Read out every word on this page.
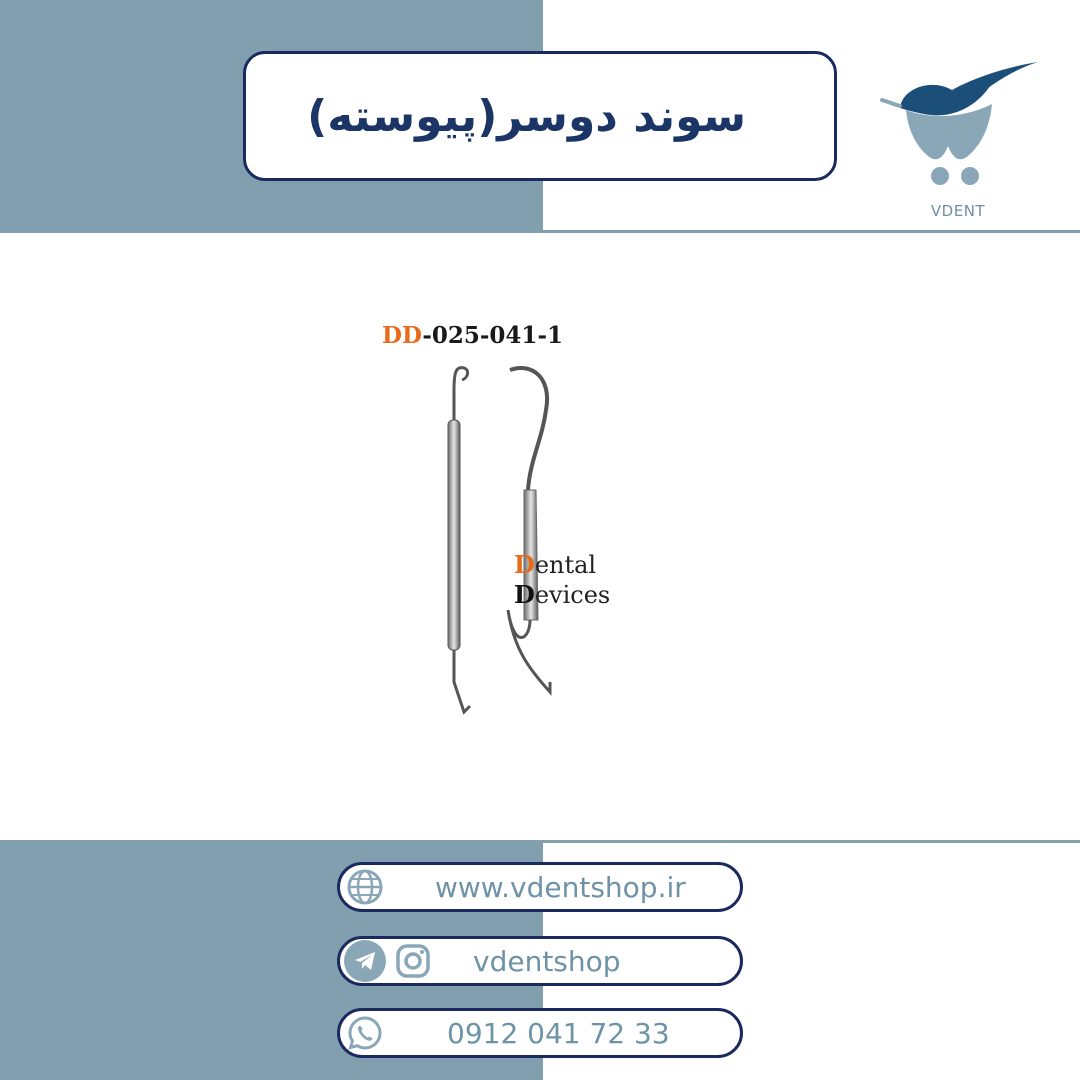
سوند دوسر(پیوسته)
VDENT
DD-025-041-1
Dental
Devices
www.vdentshop.ir
vdentshop
0912 041 72 33
